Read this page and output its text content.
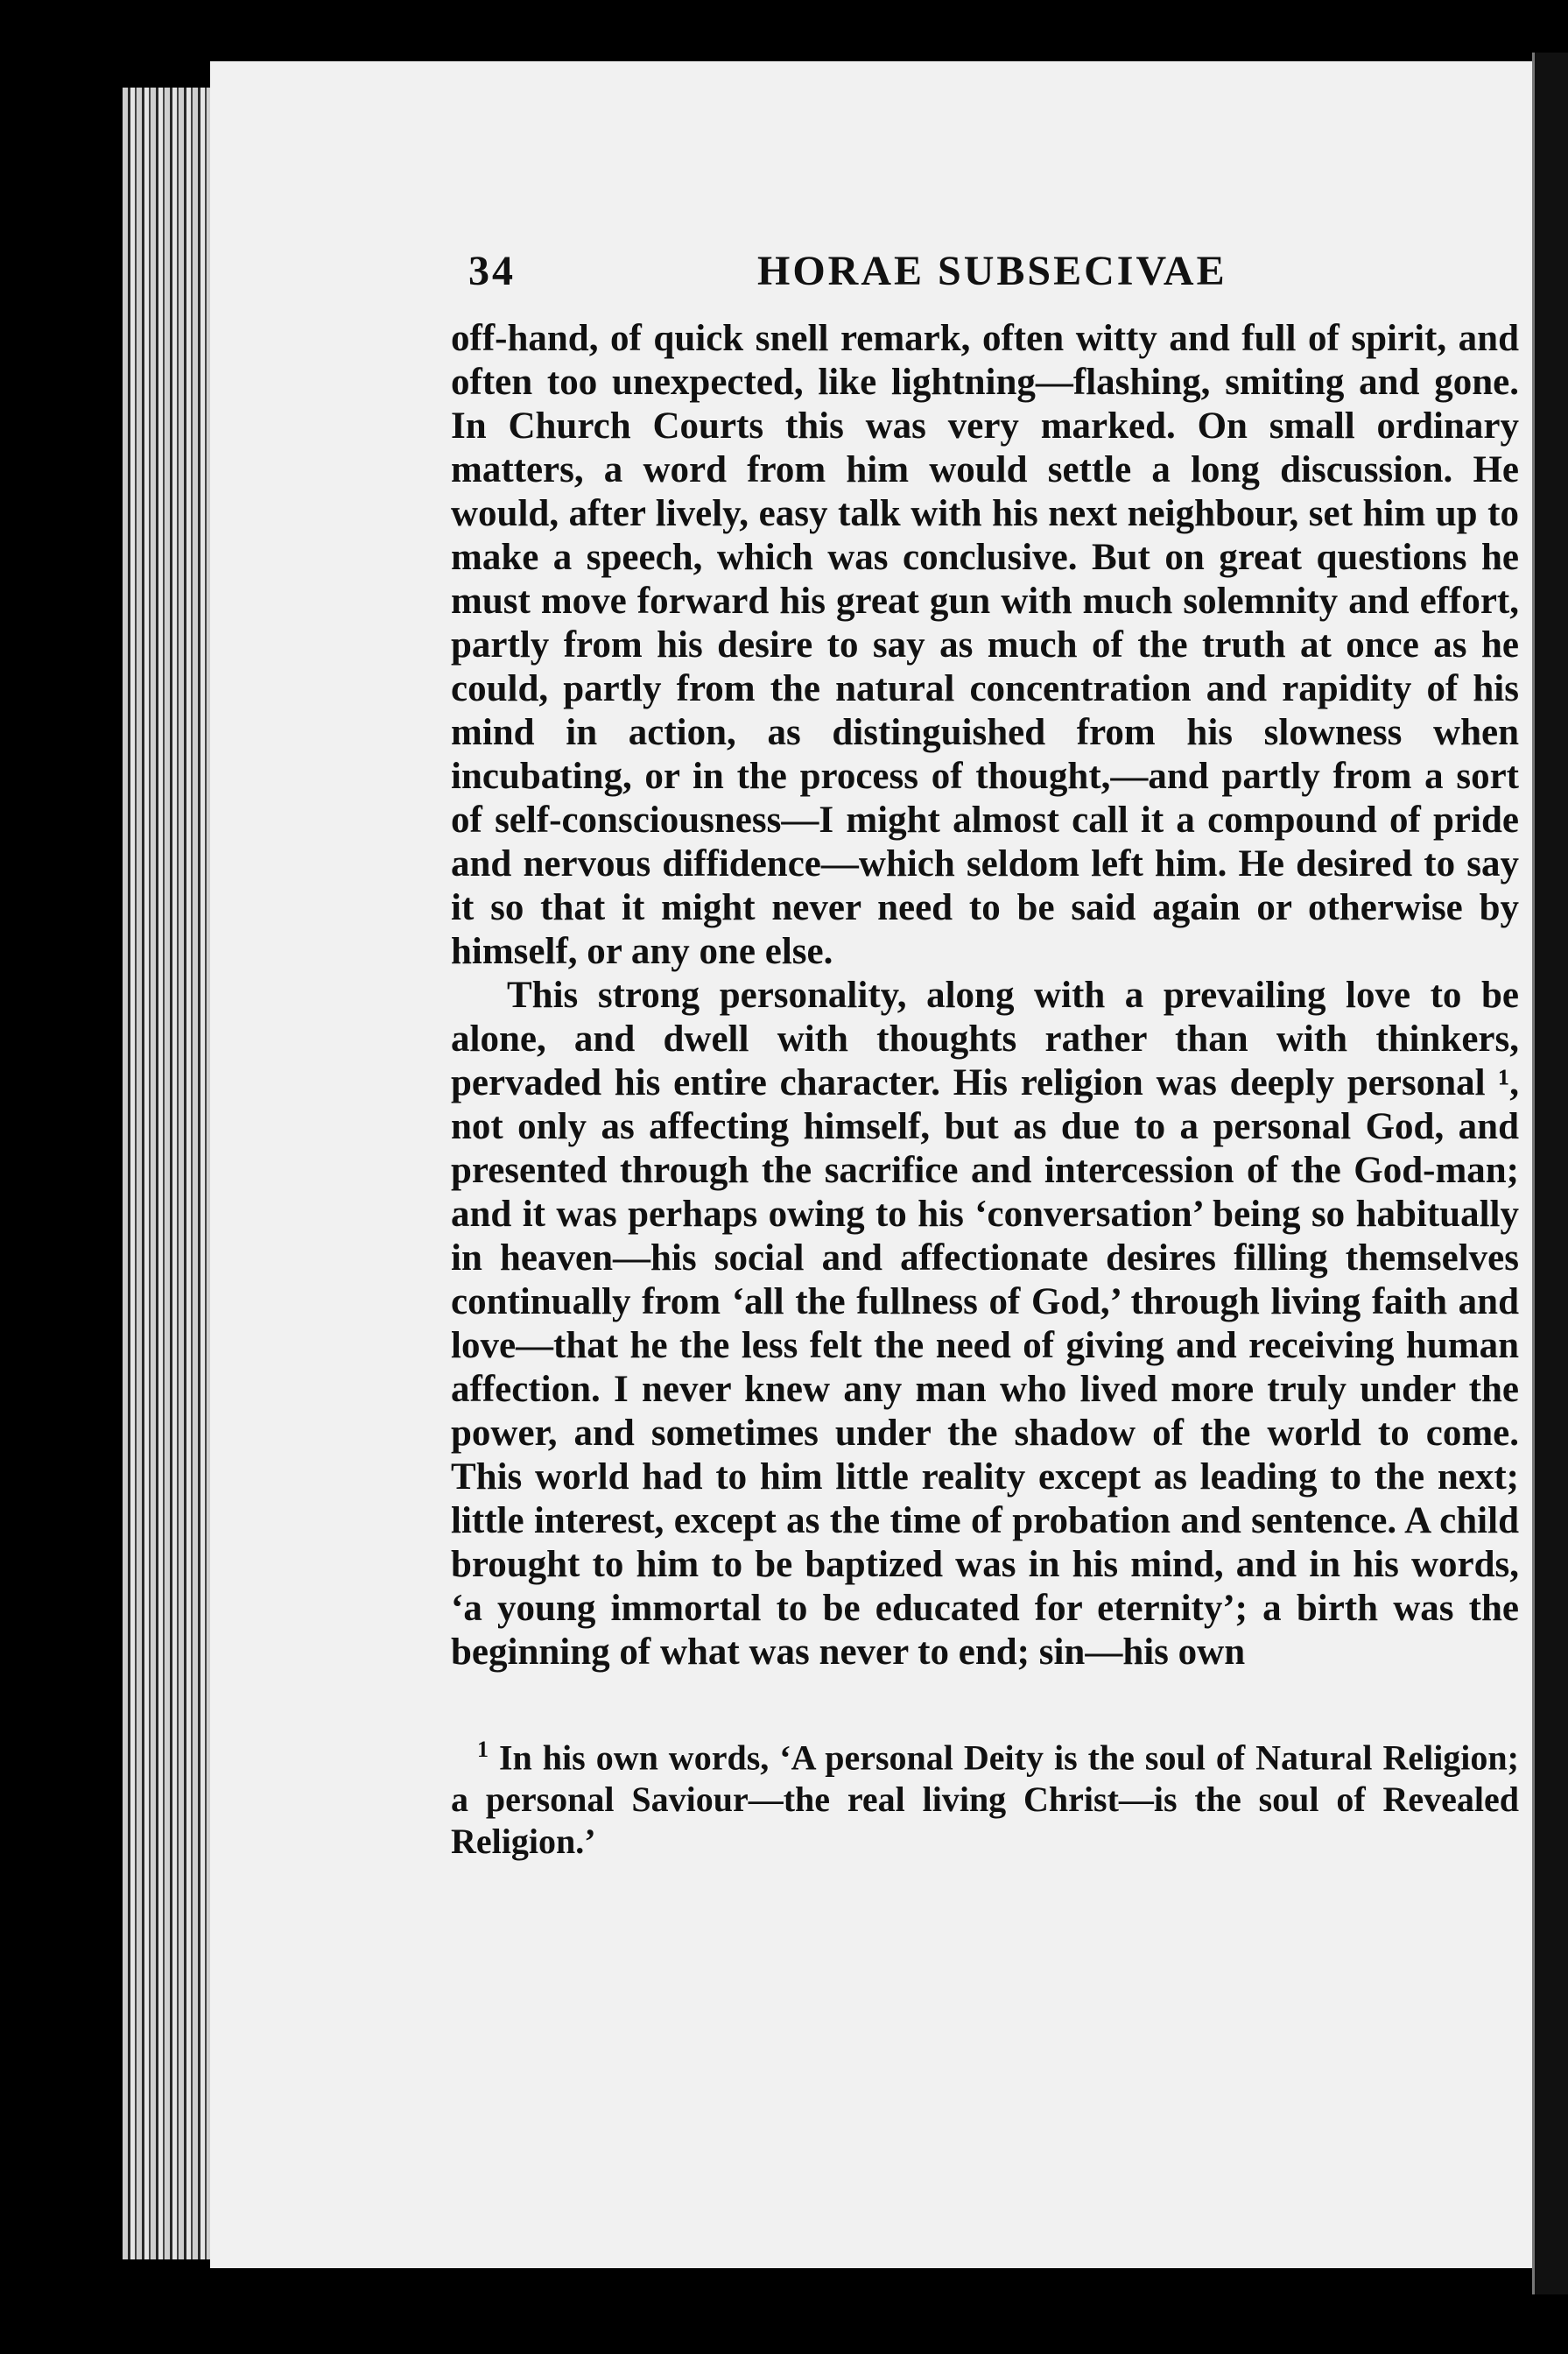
34	HORAE SUBSECIVAE

off-hand, of quick snell remark, often witty and full of spirit, and often too unexpected, like lightning—flashing, smiting and gone. In Church Courts this was very marked. On small ordinary matters, a word from him would settle a long discussion. He would, after lively, easy talk with his next neighbour, set him up to make a speech, which was conclusive. But on great questions he must move forward his great gun with much solemnity and effort, partly from his desire to say as much of the truth at once as he could, partly from the natural concentration and rapidity of his mind in action, as distinguished from his slowness when incubating, or in the process of thought,—and partly from a sort of self-consciousness—I might almost call it a compound of pride and nervous diffidence—which seldom left him. He desired to say it so that it might never need to be said again or otherwise by himself, or any one else.

This strong personality, along with a prevailing love to be alone, and dwell with thoughts rather than with thinkers, pervaded his entire character. His religion was deeply personal ¹, not only as affecting himself, but as due to a personal God, and presented through the sacrifice and intercession of the God-man; and it was perhaps owing to his ‘conversation’ being so habitually in heaven—his social and affectionate desires filling themselves continually from ‘all the fullness of God,’ through living faith and love—that he the less felt the need of giving and receiving human affection. I never knew any man who lived more truly under the power, and sometimes under the shadow of the world to come. This world had to him little reality except as leading to the next; little interest, except as the time of probation and sentence. A child brought to him to be baptized was in his mind, and in his words, ‘a young immortal to be educated for eternity’; a birth was the beginning of what was never to end; sin—his own

$^1$ In his own words, ‘A personal Deity is the soul of Natural Religion; a personal Saviour—the real living Christ—is the soul of Revealed Religion.’
